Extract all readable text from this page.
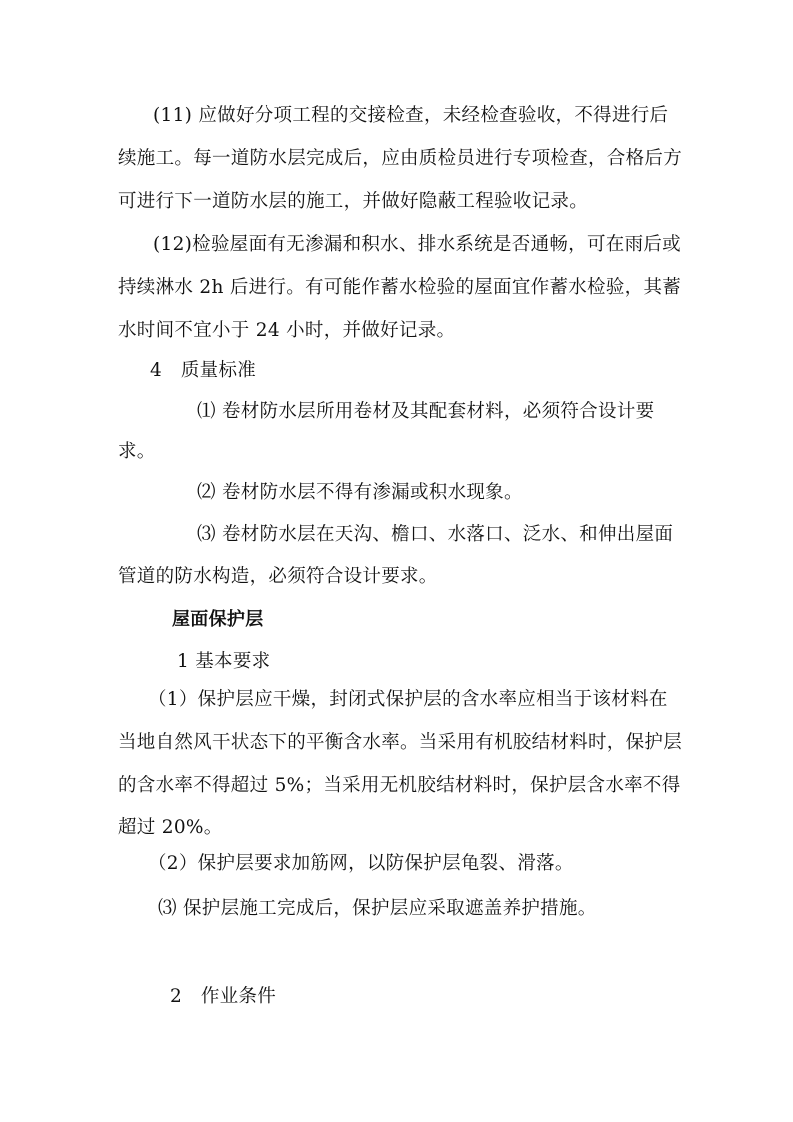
(11) 应做好分项工程的交接检查，未经检查验收，不得进行后
续施工。每一道防水层完成后，应由质检员进行专项检查，合格后方
可进行下一道防水层的施工，并做好隐蔽工程验收记录。
(12)检验屋面有无渗漏和积水、排水系统是否通畅，可在雨后或
持续淋水 2h 后进行。有可能作蓄水检验的屋面宜作蓄水检验，其蓄
水时间不宜小于 24 小时，并做好记录。
4　质量标准
⑴ 卷材防水层所用卷材及其配套材料，必须符合设计要
求。
⑵ 卷材防水层不得有渗漏或积水现象。
⑶ 卷材防水层在天沟、檐口、水落口、泛水、和伸出屋面
管道的防水构造，必须符合设计要求。
屋面保护层
1 基本要求
（1）保护层应干燥，封闭式保护层的含水率应相当于该材料在
当地自然风干状态下的平衡含水率。当采用有机胶结材料时，保护层
的含水率不得超过 5%；当采用无机胶结材料时，保护层含水率不得
超过 20%。
（2）保护层要求加筋网，以防保护层龟裂、滑落。
⑶ 保护层施工完成后，保护层应采取遮盖养护措施。
2　作业条件
